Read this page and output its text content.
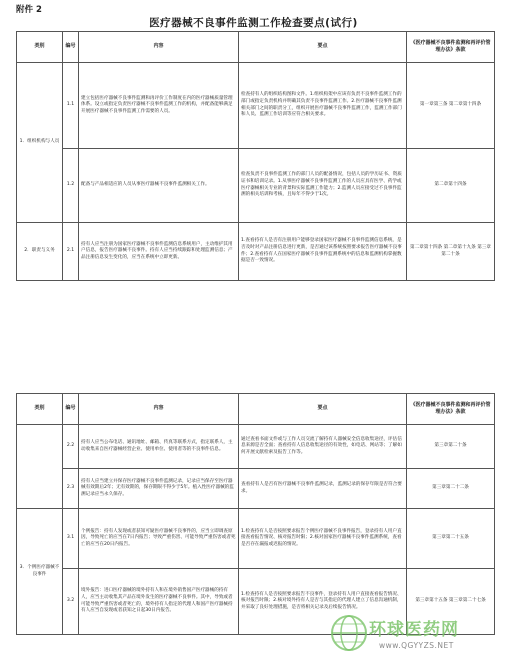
附件 2
医疗器械不良事件监测工作检查要点(试行)
类别	编号	内容	要点	《医疗器械不良事件监测和再评价管理办法》条款
1．组织机构与人员	1.1	建立包括医疗器械不良事件监测和再评价工作制度在内的医疗器械质量管理体系。设立或指定负责医疗器械不良事件监测工作的机构，并配备能够满足开展医疗器械不良事件监测工作需要的人员。	检查持有人的组织结构图和文件。1.组织构架中应该有负责不良事件监测工作的部门或指定负责机构并明确其负责不良事件监测工作。2.医疗器械不良事件监测相关部门之间的职责分工，组织开展医疗器械不良事件监测工作，监测工作部门和人员、监测工作培训等应符合相关要求。	第一章第三条 第二章第十四条
	1.2	配备与产品相适应的人员从事医疗器械不良事件监测相关工作。	检查负责不良事件监测工作的部门人员的配备情况，包括人员的学历证书、资质证书和培训记录。1.从事医疗器械不良事件监测工作的人员应具有医学、药学或医疗器械相关专业的背景和实际监测工作能力；2.监测人员应接受过不良事件监测的相关培训和考核，且每年不得少于1次。	第二章第十四条
2．职责与义务	2.1	持有人应当注册为国家医疗器械不良事件监测信息系统用户，主动维护其用户信息，报告医疗器械不良事件。持有人应当持续跟踪和处理监测信息；产品注册信息发生变化的，应当在系统中立即更新。	1.查看持有人是否有注册用户能够登录国家医疗器械不良事件监测信息系统，是否及时对产品注册信息进行更新，是否通过该系统按照要求报告医疗器械不良事件；2.查看持有人在国家医疗器械不良事件监测系统中的信息和监测机构掌握数据是否一致情况。	第二章第十四条 第二章第十九条 第三章第二十条
类别	编号	内容	要点	《医疗器械不良事件监测和再评价管理办法》条款
	2.2	持有人应当公布电话、通讯地址、邮箱、传真等联系方式，指定联系人，主动收集来自医疗器械经营企业、使用单位、使用者等的不良事件信息。	通过查看书面文件或与工作人员交流了解持有人器械安全信息收集途径，评估信息来源是否全面；查看持有人信息收集途径的有效性，如电话、网站等；了解如何开展文献检索及报告工作等。	第三章第二十条
	2.3	持有人应当建立并保存医疗器械不良事件监测记录，记录应当保存至医疗器械有效期后2年；无有效期的，保存期限不得少于5年。植入性医疗器械的监测记录应当永久保存。	查看持有人是否有医疗器械不良事件监测记录，监测记录的保存年限是否符合要求。	第三章第二十二条
3．个例医疗器械不良事件	3.1	个例报告：持有人发现或者获知可疑医疗器械不良事件的，应当立即调查原因，导致死亡的应当在7日内报告；导致严重伤害、可能导致严重伤害或者死亡的应当在20日内报告。	1.检查持有人是否按照要求报告个例医疗器械不良事件报告，登录持有人用户直接查看报告情况、核对报告时限；2.核对国家医疗器械不良事件监测系统，查看是否存在漏报或迟报的情况。	第三章第二十五条
	3.2	境外报告：进口医疗器械的境外持有人和在境外销售国产医疗器械的持有人，应当主动收集其产品在境外发生的医疗器械不良事件。其中，导致或者可能导致严重伤害或者死亡的，境外持有人指定的代理人和国产医疗器械持有人应当自发现或者获知之日起30日内报告。	1.检查持有人是否按照要求报告不良事件，登录持有人用户直接查看报告情况、核对报告时限；2.核对境外持有人是否与其指定的代理人建立了信息沟通机制，并采取了良好处理措施，是否将相关记录及后续报告情况。	第三章第十五条 第三章第二十七条
环球医药网
www.QGYYZS.NET
